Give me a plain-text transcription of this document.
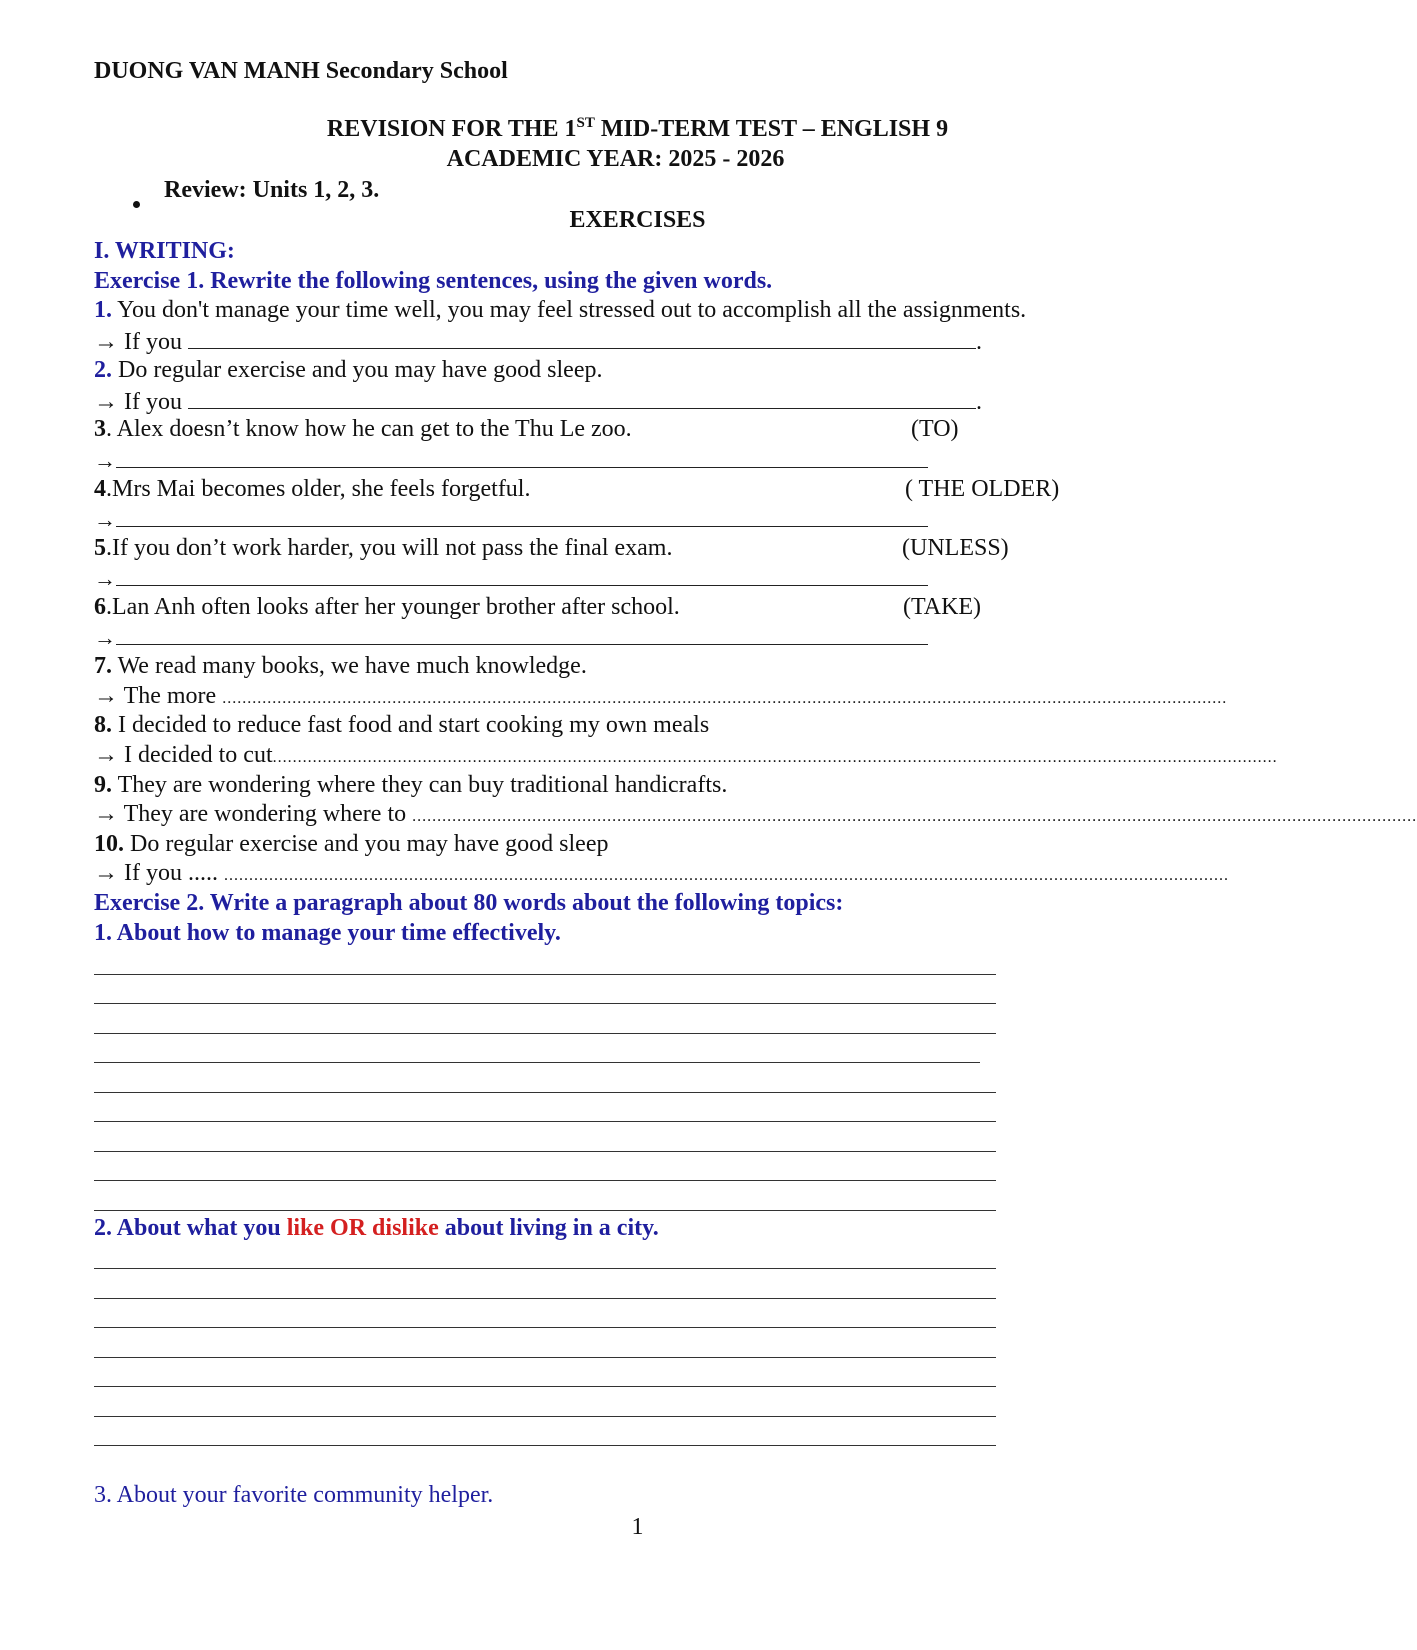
DUONG VAN MANH Secondary School
REVISION FOR THE 1ST MID-TERM TEST – ENGLISH 9
ACADEMIC YEAR: 2025 - 2026
Review: Units 1, 2, 3.
EXERCISES
I. WRITING:
Exercise 1. Rewrite the following sentences, using the given words.
1. You don't manage your time well, you may feel stressed out to accomplish all the assignments.
→ If you	.
2. Do regular exercise and you may have good sleep.
→ If you	.
3. Alex doesn’t know how he can get to the Thu Le zoo.	(TO)
→
4.Mrs Mai becomes older, she feels forgetful.	( THE OLDER)
→
5.If you don’t work harder, you will not pass the final exam.	(UNLESS)
→
6.Lan Anh often looks after her younger brother after school.	(TAKE)
→
7. We read many books, we have much knowledge.
→ The more .........................................................................................................................................................................................................
8. I decided to reduce fast food and start cooking my own meals
→ I decided to cut.........................................................................................................................................................................................................
9. They are wondering where they can buy traditional handicrafts.
→ They are wondering where to .........................................................................................................................................................................................................
10. Do regular exercise and you may have good sleep
→ If you ..... .........................................................................................................................................................................................................
Exercise 2. Write a paragraph about 80 words about the following topics:
1. About how to manage your time effectively.
2. About what you like OR dislike about living in a city.
3. About your favorite community helper.
1
